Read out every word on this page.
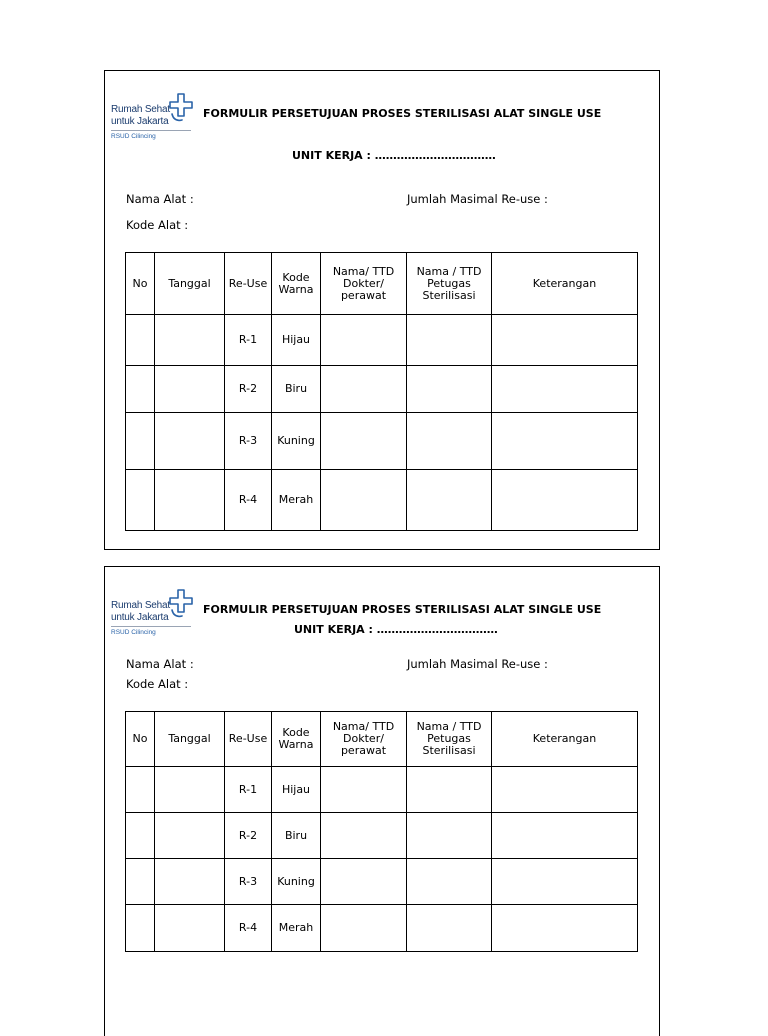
Rumah Sehat
untuk Jakarta
RSUD Cilincing
FORMULIR PERSETUJUAN PROSES STERILISASI ALAT SINGLE USE
UNIT KERJA : ……………………………
Nama Alat :	Jumlah Masimal Re-use :
Kode Alat :
No	Tanggal	Re-Use	Kode Warna	Nama/ TTD Dokter/ perawat	Nama / TTD Petugas Sterilisasi	Keterangan
		R-1	Hijau			
		R-2	Biru			
		R-3	Kuning			
		R-4	Merah			
Rumah Sehat
untuk Jakarta
RSUD Cilincing
FORMULIR PERSETUJUAN PROSES STERILISASI ALAT SINGLE USE
UNIT KERJA : ……………………………
Nama Alat :	Jumlah Masimal Re-use :
Kode Alat :
No	Tanggal	Re-Use	Kode Warna	Nama/ TTD Dokter/ perawat	Nama / TTD Petugas Sterilisasi	Keterangan
		R-1	Hijau			
		R-2	Biru			
		R-3	Kuning			
		R-4	Merah			
